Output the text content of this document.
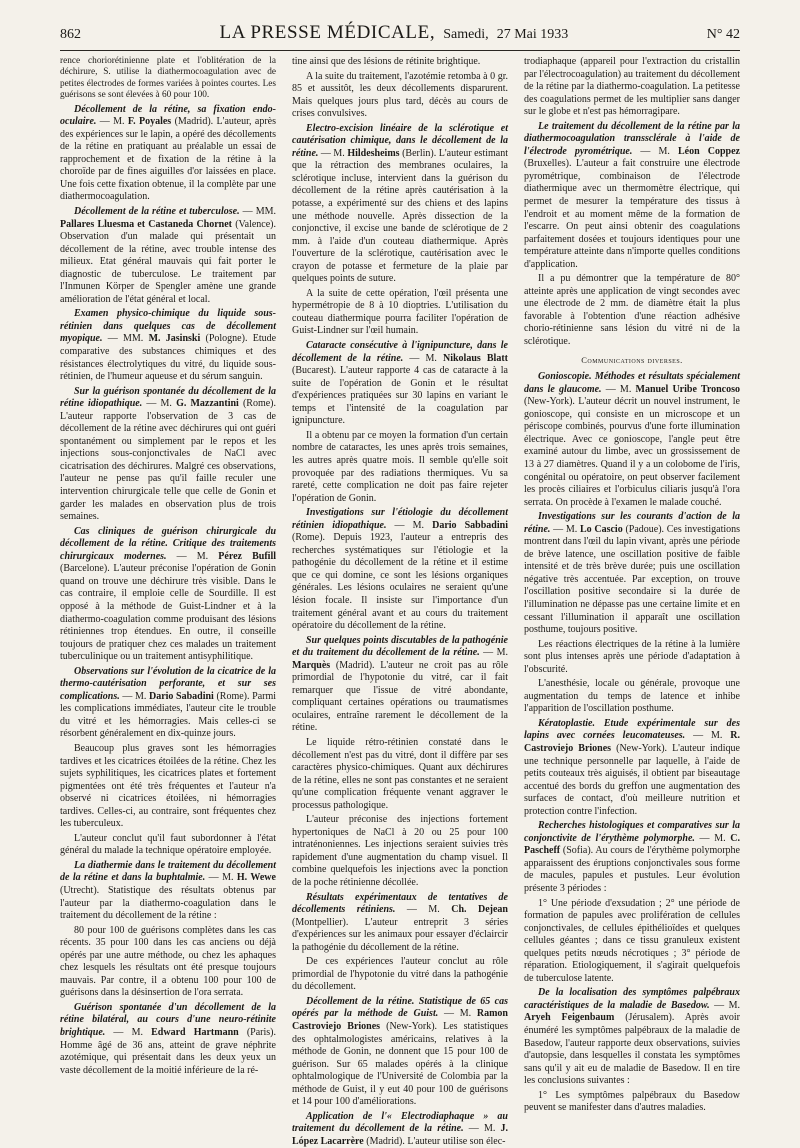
862	LA PRESSE MÉDICALE, Samedi, 27 Mai 1933	N° 42

rence choriorétinienne plate et l'oblitération de la déchirure, S. utilise la diathermocoagulation avec de petites électrodes de formes variées à pointes courtes. Les guérisons se sont élevées à 60 pour 100.

Décollement de la rétine, sa fixation endo-oculaire. — M. F. Poyales (Madrid). L'auteur, après des expériences sur le lapin, a opéré des décollements de la rétine en pratiquant au préalable un essai de rapprochement et de fixation de la rétine à la choroïde par de fines aiguilles d'or laissées en place. Une fois cette fixation obtenue, il la complète par une diathermocoagulation.

Décollement de la rétine et tuberculose. — MM. Pallares Lluesma et Castaneda Chornet (Valence). Observation d'un malade qui présentait un décollement de la rétine, avec trouble intense des milieux. Etat général mauvais qui fait porter le diagnostic de tuberculose. Le traitement par l'Inmunen Körper de Spengler amène une grande amélioration de l'état général et local.

Examen physico-chimique du liquide sous-rétinien dans quelques cas de décollement myopique. — MM. M. Jasinski (Pologne). Etude comparative des substances chimiques et des résistances électrolytiques du vitré, du liquide sous-rétinien, de l'humeur aqueuse et du sérum sanguin.

Sur la guérison spontanée du décollement de la rétine idiopathique. — M. G. Mazzantini (Rome). L'auteur rapporte l'observation de 3 cas de décollement de la rétine avec déchirures qui ont guéri spontanément ou simplement par le repos et les injections sous-conjonctivales de NaCl avec cicatrisation des déchirures. Malgré ces observations, l'auteur ne pense pas qu'il faille reculer une intervention chirurgicale telle que celle de Gonin et garder les malades en observation plus de trois semaines.

Cas cliniques de guérison chirurgicale du décollement de la rétine. Critique des traitements chirurgicaux modernes. — M. Pérez Bufill (Barcelone). L'auteur préconise l'opération de Gonin quand on trouve une déchirure très visible. Dans le cas contraire, il emploie celle de Sourdille. Il est opposé à la méthode de Guist-Lindner et à la diathermo-coagulation comme produisant des lésions rétiniennes trop étendues. En outre, il conseille toujours de pratiquer chez ces malades un traitement tuberculinique ou un traitement antisyphilitique.

Observations sur l'évolution de la cicatrice de la thermo-cautérisation perforante, et sur ses complications. — M. Dario Sabadini (Rome). Parmi les complications immédiates, l'auteur cite le trouble du vitré et les hémorragies. Mais celles-ci se résorbent généralement en dix-quinze jours.

Beaucoup plus graves sont les hémorragies tardives et les cicatrices étoilées de la rétine. Chez les sujets syphilitiques, les cicatrices plates et fortement pigmentées ont été très fréquentes et l'auteur n'a observé ni cicatrices étoilées, ni hémorragies tardives. Celles-ci, au contraire, sont fréquentes chez les tuberculeux.

L'auteur conclut qu'il faut subordonner à l'état général du malade la technique opératoire employée.

La diathermie dans le traitement du décollement de la rétine et dans la buphtalmie. — M. H. Wewe (Utrecht). Statistique des résultats obtenus par l'auteur par la diathermo-coagulation dans le traitement du décollement de la rétine :

80 pour 100 de guérisons complètes dans les cas récents. 35 pour 100 dans les cas anciens ou déjà opérés par une autre méthode, ou chez les aphaques chez lesquels les résultats ont été presque toujours mauvais. Par contre, il a obtenu 100 pour 100 de guérisons dans la désinsertion de l'ora serrata.

Guérison spontanée d'un décollement de la rétine bilatéral, au cours d'une neuro-rétinite brightique. — M. Edward Hartmann (Paris). Homme âgé de 36 ans, atteint de grave néphrite azotémique, qui présentait dans les deux yeux un vaste décollement de la moitié inférieure de la ré-

tine ainsi que des lésions de rétinite brightique.

A la suite du traitement, l'azotémie retomba à 0 gr. 85 et aussitôt, les deux décollements disparurent. Mais quelques jours plus tard, décès au cours de crises convulsives.

Electro-excision linéaire de la sclérotique et cautérisation chimique, dans le décollement de la rétine. — M. Hildesheims (Berlin). L'auteur estimant que la rétraction des membranes oculaires, la sclérotique incluse, intervient dans la guérison du décollement de la rétine après cautérisation à la potasse, a expérimenté sur des chiens et des lapins une méthode nouvelle. Après dissection de la conjonctive, il excise une bande de sclérotique de 2 mm. à l'aide d'un couteau diathermique. Après l'ouverture de la sclérotique, cautérisation avec le crayon de potasse et fermeture de la plaie par quelques points de suture.

A la suite de cette opération, l'œil présenta une hypermétropie de 8 à 10 dioptries. L'utilisation du couteau diathermique pourra faciliter l'opération de Guist-Lindner sur l'œil humain.

Cataracte consécutive à l'ignipuncture, dans le décollement de la rétine. — M. Nikolaus Blatt (Bucarest). L'auteur rapporte 4 cas de cataracte à la suite de l'opération de Gonin et le résultat d'expériences pratiquées sur 30 lapins en variant le temps et l'intensité de la coagulation par ignipuncture.

Il a obtenu par ce moyen la formation d'un certain nombre de cataractes, les unes après trois semaines, les autres après quatre mois. Il semble qu'elle soit provoquée par des radiations thermiques. Vu sa rareté, cette complication ne doit pas faire rejeter l'opération de Gonin.

Investigations sur l'étiologie du décollement rétinien idiopathique. — M. Dario Sabbadini (Rome). Depuis 1923, l'auteur a entrepris des recherches systématiques sur l'étiologie et la pathogénie du décollement de la rétine et il estime que ce qui domine, ce sont les lésions organiques générales. Les lésions oculaires ne seraient qu'une lésion focale. Il insiste sur l'importance d'un traitement général avant et au cours du traitement opératoire du décollement de la rétine.

Sur quelques points discutables de la pathogénie et du traitement du décollement de la rétine. — M. Marquès (Madrid). L'auteur ne croit pas au rôle primordial de l'hypotonie du vitré, car il fait remarquer que l'issue de vitré abondante, compliquant certaines opérations ou traumatismes oculaires, entraîne rarement le décollement de la rétine.

Le liquide rétro-rétinien constaté dans le décollement n'est pas du vitré, dont il diffère par ses caractères physico-chimiques. Quant aux déchirures de la rétine, elles ne sont pas constantes et ne seraient qu'une complication fréquente venant aggraver le processus pathologique.

L'auteur préconise des injections fortement hypertoniques de NaCl à 20 ou 25 pour 100 intraténoniennes. Les injections seraient suivies très rapidement d'une augmentation du champ visuel. Il combine quelquefois les injections avec la ponction de la poche rétinienne décollée.

Résultats expérimentaux de tentatives de décollements rétiniens. — M. Ch. Dejean (Montpellier). L'auteur entreprit 3 séries d'expériences sur les animaux pour essayer d'éclaircir la pathogénie du décollement de la rétine.

De ces expériences l'auteur conclut au rôle primordial de l'hypotonie du vitré dans la pathogénie du décollement.

Décollement de la rétine. Statistique de 65 cas opérés par la méthode de Guist. — M. Ramon Castroviejo Briones (New-York). Les statistiques des ophtalmologistes américains, relatives à la méthode de Gonin, ne donnent que 15 pour 100 de guérison. Sur 65 malades opérés à la clinique ophtalmologique de l'Université de Colombia par la méthode de Guist, il y eut 40 pour 100 de guérisons et 14 pour 100 d'améliorations.

Application de l'« Electrodiaphaque » au traitement du décollement de la rétine. — M. J. López Lacarrère (Madrid). L'auteur utilise son élec-

trodiaphaque (appareil pour l'extraction du cristallin par l'électrocoagulation) au traitement du décollement de la rétine par la diathermo-coagulation. La petitesse des coagulations permet de les multiplier sans danger sur le globe et n'est pas hémorragipare.

Le traitement du décollement de la rétine par la diathermocoagulation transsclérale à l'aide de l'électrode pyrométrique. — M. Léon Coppez (Bruxelles). L'auteur a fait construire une électrode pyrométrique, combinaison de l'électrode diathermique avec un thermomètre électrique, qui permet de mesurer la température des tissus à l'endroit et au moment même de la formation de l'escarre. On peut ainsi obtenir des coagulations parfaitement dosées et toujours identiques pour une température atteinte dans n'importe quelles conditions d'application.

Il a pu démontrer que la température de 80° atteinte après une application de vingt secondes avec une électrode de 2 mm. de diamètre était la plus favorable à l'obtention d'une réaction adhésive chorio-rétinienne sans lésion du vitré ni de la sclérotique.

Communications diverses.

Gonioscopie. Méthodes et résultats spécialement dans le glaucome. — M. Manuel Uribe Troncoso (New-York). L'auteur décrit un nouvel instrument, le gonioscope, qui consiste en un microscope et un périscope combinés, pourvus d'une forte illumination électrique. Avec ce gonioscope, l'angle peut être examiné autour du limbe, avec un grossissement de 13 à 27 diamètres. Quand il y a un colobome de l'iris, congénital ou opératoire, on peut observer facilement les procès ciliaires et l'orbiculus ciliaris jusqu'à l'ora serrata. On procède à l'examen le malade couché.

Investigations sur les courants d'action de la rétine. — M. Lo Cascio (Padoue). Ces investigations montrent dans l'œil du lapin vivant, après une période de brève latence, une oscillation positive de faible intensité et de très brève durée; puis une oscillation négative très accentuée. Par exception, on trouve l'oscillation positive secondaire si la durée de l'illumination ne dépasse pas une certaine limite et en cessant l'illumination il apparaît une oscillation posthume, toujours positive.

Les réactions électriques de la rétine à la lumière sont plus intenses après une période d'adaptation à l'obscurité.

L'anesthésie, locale ou générale, provoque une augmentation du temps de latence et inhibe l'apparition de l'oscillation posthume.

Kératoplastie. Etude expérimentale sur des lapins avec cornées leucomateuses. — M. R. Castroviejo Briones (New-York). L'auteur indique une technique personnelle par laquelle, à l'aide de petits couteaux très aiguisés, il obtient par biseautage accentué des bords du greffon une augmentation des surfaces de contact, d'où meilleure nutrition et protection contre l'infection.

Recherches histologiques et comparatives sur la conjonctivite de l'érythème polymorphe. — M. C. Pascheff (Sofia). Au cours de l'érythème polymorphe apparaissent des éruptions conjonctivales sous forme de macules, papules et pustules. Leur évolution présente 3 périodes :

1° Une période d'exsudation ; 2° une période de formation de papules avec prolifération de cellules conjonctivales, de cellules épithélioïdes et quelques cellules géantes ; dans ce tissu granuleux existent quelques petits nœuds nécrotiques ; 3° période de réparation. Etiologiquement, il s'agirait quelquefois de tuberculose latente.

De la localisation des symptômes palpébraux caractéristiques de la maladie de Basedow. — M. Aryeh Feigenbaum (Jérusalem). Après avoir énuméré les symptômes palpébraux de la maladie de Basedow, l'auteur rapporte deux observations, suivies d'autopsie, dans lesquelles il constata les symptômes sans qu'il y ait eu de maladie de Basedow. Il en tire les conclusions suivantes :

1° Les symptômes palpébraux du Basedow peuvent se manifester dans d'autres maladies.
